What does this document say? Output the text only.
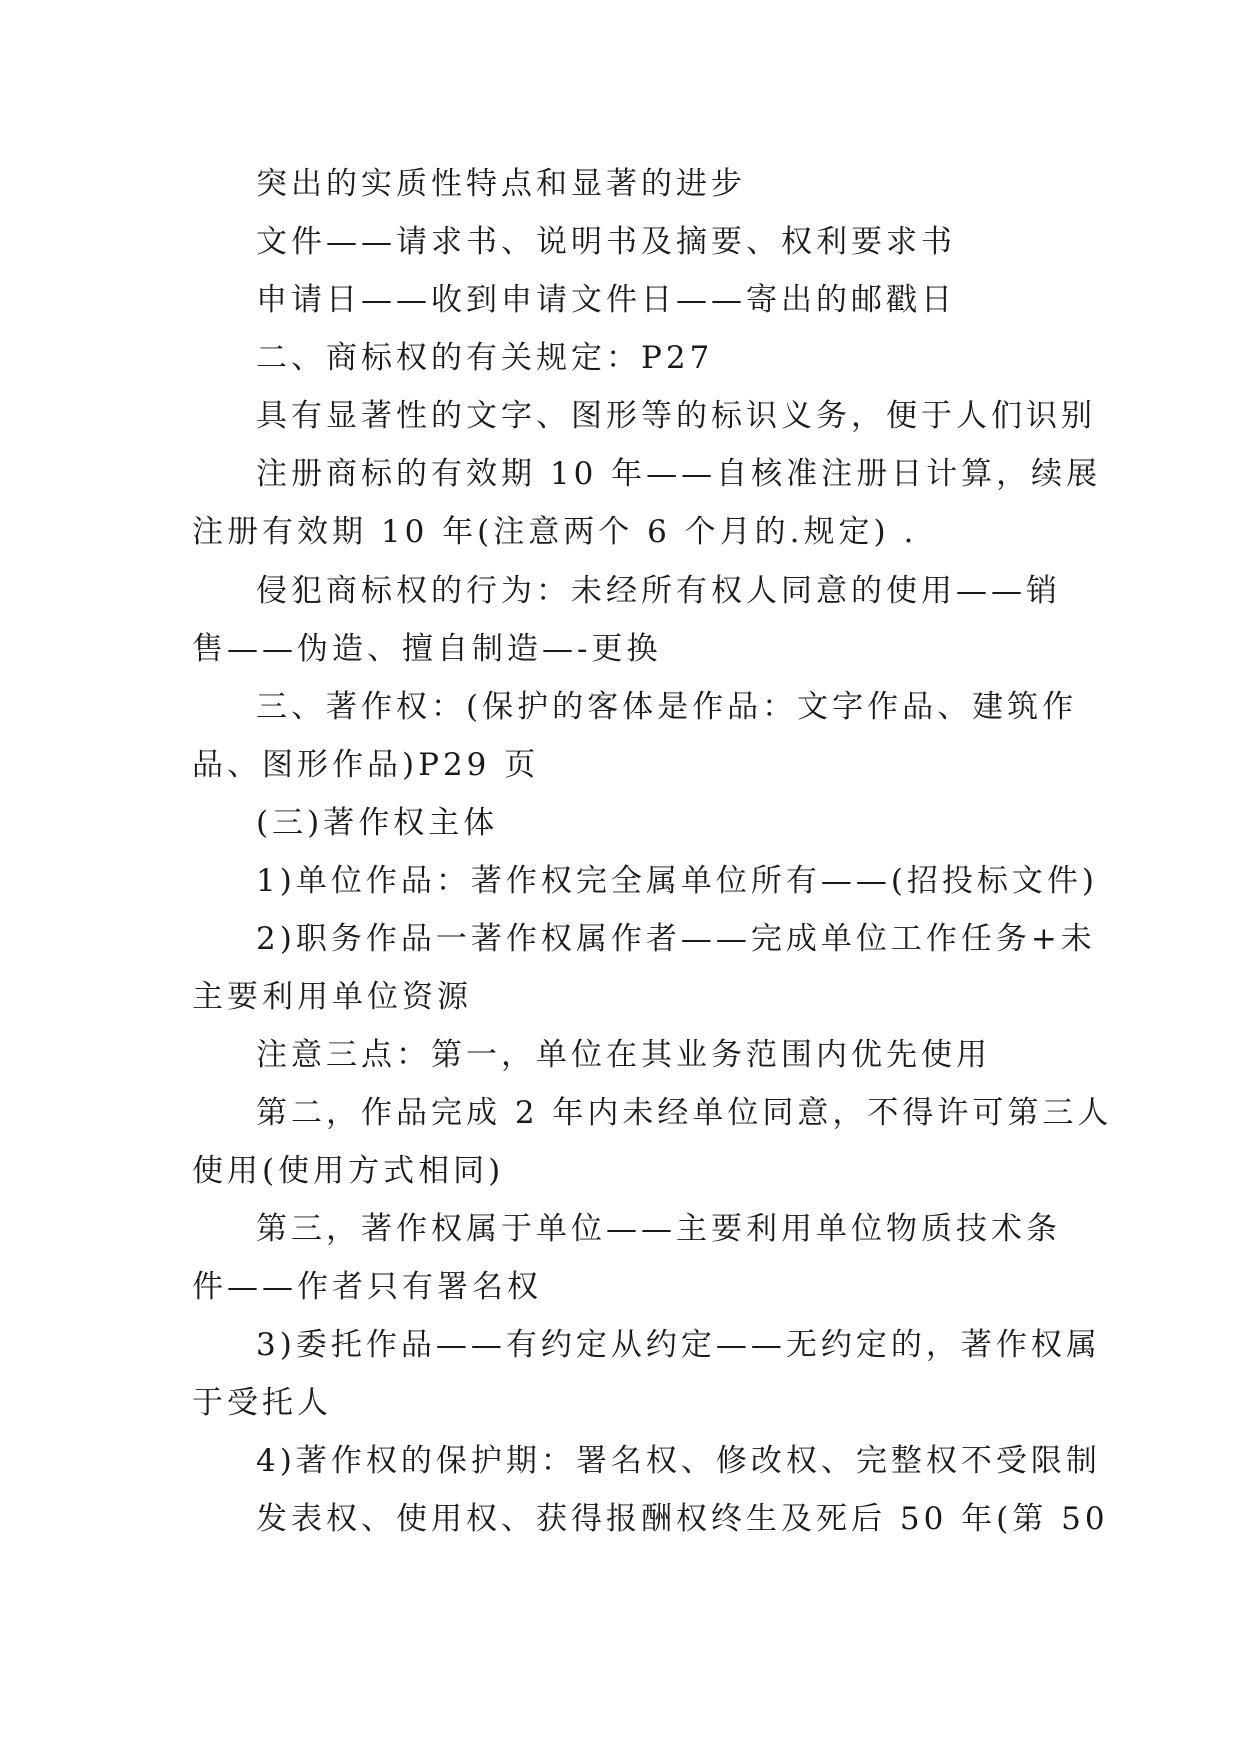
突出的实质性特点和显著的进步
文件——请求书、说明书及摘要、权利要求书
申请日——收到申请文件日——寄出的邮戳日
二、商标权的有关规定：P27
具有显著性的文字、图形等的标识义务，便于人们识别
注册商标的有效期 10 年——自核准注册日计算，续展
注册有效期 10 年(注意两个 6 个月的.规定) .
侵犯商标权的行为：未经所有权人同意的使用——销
售——伪造、擅自制造—-更换
三、著作权：(保护的客体是作品：文字作品、建筑作
品、图形作品)P29 页
(三)著作权主体
1)单位作品：著作权完全属单位所有——(招投标文件)
2)职务作品一著作权属作者——完成单位工作任务+未
主要利用单位资源
注意三点：第一，单位在其业务范围内优先使用
第二，作品完成 2 年内未经单位同意，不得许可第三人
使用(使用方式相同)
第三，著作权属于单位——主要利用单位物质技术条
件——作者只有署名权
3)委托作品——有约定从约定——无约定的，著作权属
于受托人
4)著作权的保护期：署名权、修改权、完整权不受限制
发表权、使用权、获得报酬权终生及死后 50 年(第 50
